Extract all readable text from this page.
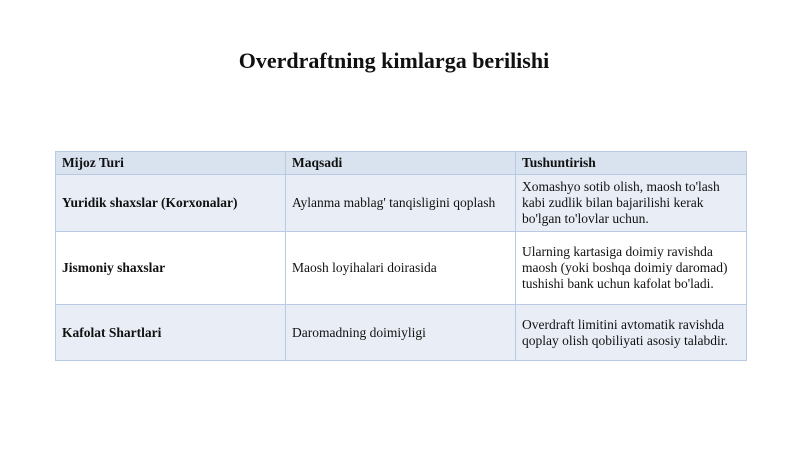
Overdraftning kimlarga berilishi
Mijoz Turi	Maqsadi	Tushuntirish
Yuridik shaxslar (Korxonalar)	Aylanma mablag' tanqisligini qoplash	Xomashyo sotib olish, maosh to'lash kabi zudlik bilan bajarilishi kerak bo'lgan to'lovlar uchun.
Jismoniy shaxslar	Maosh loyihalari doirasida	Ularning kartasiga doimiy ravishda maosh (yoki boshqa doimiy daromad) tushishi bank uchun kafolat bo'ladi.
Kafolat Shartlari	Daromadning doimiyligi	Overdraft limitini avtomatik ravishda qoplay olish qobiliyati asosiy talabdir.
